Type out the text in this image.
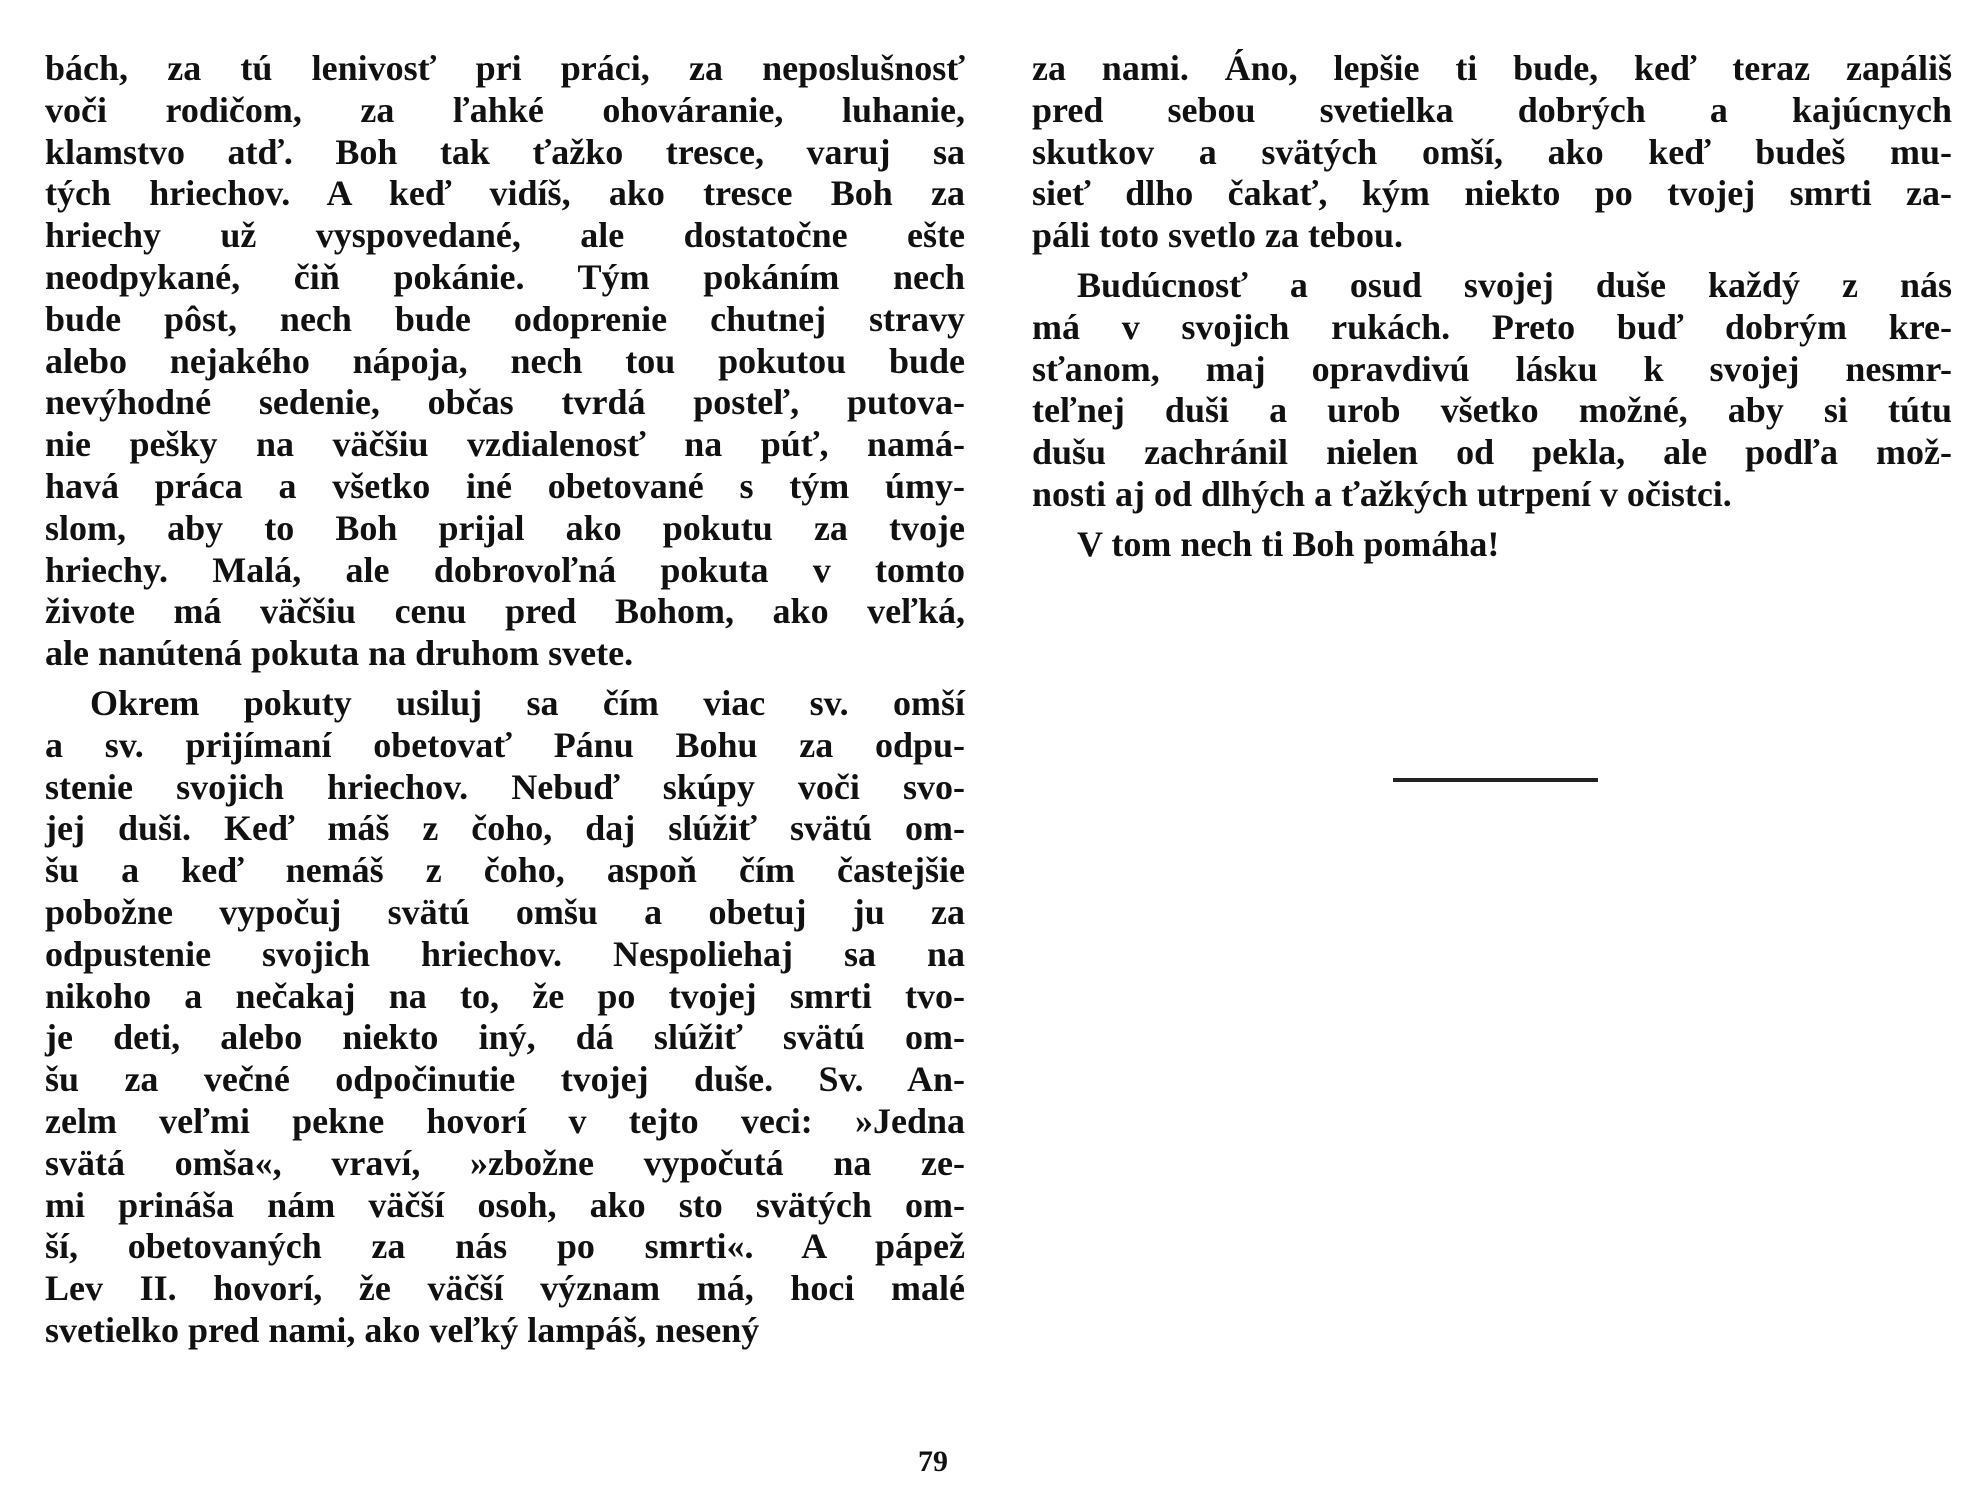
bách, za tú lenivosť pri práci, za neposlušnosť
voči rodičom, za ľahké ohováranie, luhanie,
klamstvo atď. Boh tak ťažko tresce, varuj sa
tých hriechov. A keď vidíš, ako tresce Boh za
hriechy už vyspovedané, ale dostatočne ešte
neodpykané, čiň pokánie. Tým pokáním nech
bude pôst, nech bude odoprenie chutnej stravy
alebo nejakého nápoja, nech tou pokutou bude
nevýhodné sedenie, občas tvrdá posteľ, putova-
nie pešky na väčšiu vzdialenosť na púť, namá-
havá práca a všetko iné obetované s tým úmy-
slom, aby to Boh prijal ako pokutu za tvoje
hriechy. Malá, ale dobrovoľná pokuta v tomto
živote má väčšiu cenu pred Bohom, ako veľká,
ale nanútená pokuta na druhom svete.
Okrem pokuty usiluj sa čím viac sv. omší
a sv. prijímaní obetovať Pánu Bohu za odpu-
stenie svojich hriechov. Nebuď skúpy voči svo-
jej duši. Keď máš z čoho, daj slúžiť svätú om-
šu a keď nemáš z čoho, aspoň čím častejšie
pobožne vypočuj svätú omšu a obetuj ju za
odpustenie svojich hriechov. Nespoliehaj sa na
nikoho a nečakaj na to, že po tvojej smrti tvo-
je deti, alebo niekto iný, dá slúžiť svätú om-
šu za večné odpočinutie tvojej duše. Sv. An-
zelm veľmi pekne hovorí v tejto veci: »Jedna
svätá omša«, vraví, »zbožne vypočutá na ze-
mi prináša nám väčší osoh, ako sto svätých om-
ší, obetovaných za nás po smrti«. A pápež
Lev II. hovorí, že väčší význam má, hoci malé
svetielko pred nami, ako veľký lampáš, nesený
za nami. Áno, lepšie ti bude, keď teraz zapáliš
pred sebou svetielka dobrých a kajúcnych
skutkov a svätých omší, ako keď budeš mu-
sieť dlho čakať, kým niekto po tvojej smrti za-
páli toto svetlo za tebou.
Budúcnosť a osud svojej duše každý z nás
má v svojich rukách. Preto buď dobrým kre-
sťanom, maj opravdivú lásku k svojej nesmr-
teľnej duši a urob všetko možné, aby si tútu
dušu zachránil nielen od pekla, ale podľa mož-
nosti aj od dlhých a ťažkých utrpení v očistci.
V tom nech ti Boh pomáha!
79
